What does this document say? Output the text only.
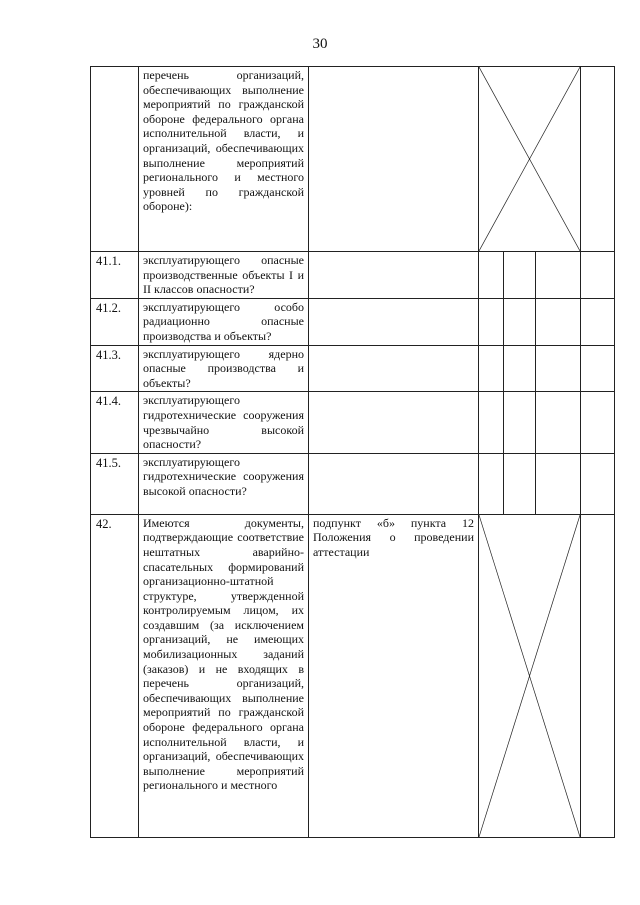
30
	перечень организаций, обеспечивающих выполнение мероприятий по гражданской обороне федерального органа исполнительной власти, и организаций, обеспечивающих выполнение мероприятий регионального и местного уровней по гражданской обороне):		

41.1.	эксплуатирующего опасные производственные объекты I и II классов опасности?					
41.2.	эксплуатирующего особо радиационно опасные производства и объекты?					
41.3.	эксплуатирующего ядерно опасные производства и объекты?					
41.4.	эксплуатирующего гидротехнические сооружения чрезвычайно высокой опасности?					
41.5.	эксплуатирующего гидротехнические сооружения высокой опасности?					
42.	Имеются документы, подтверждающие соответствие нештатных аварийно-спасательных формирований организационно-штатной структуре, утвержденной контролируемым лицом, их создавшим (за исключением организаций, не имеющих мобилизационных заданий (заказов) и не входящих в перечень организаций, обеспечивающих выполнение мероприятий по гражданской обороне федерального органа исполнительной власти, и организаций, обеспечивающих выполнение мероприятий регионального и местного	подпункт «б» пункта 12 Положения о проведении аттестации	
